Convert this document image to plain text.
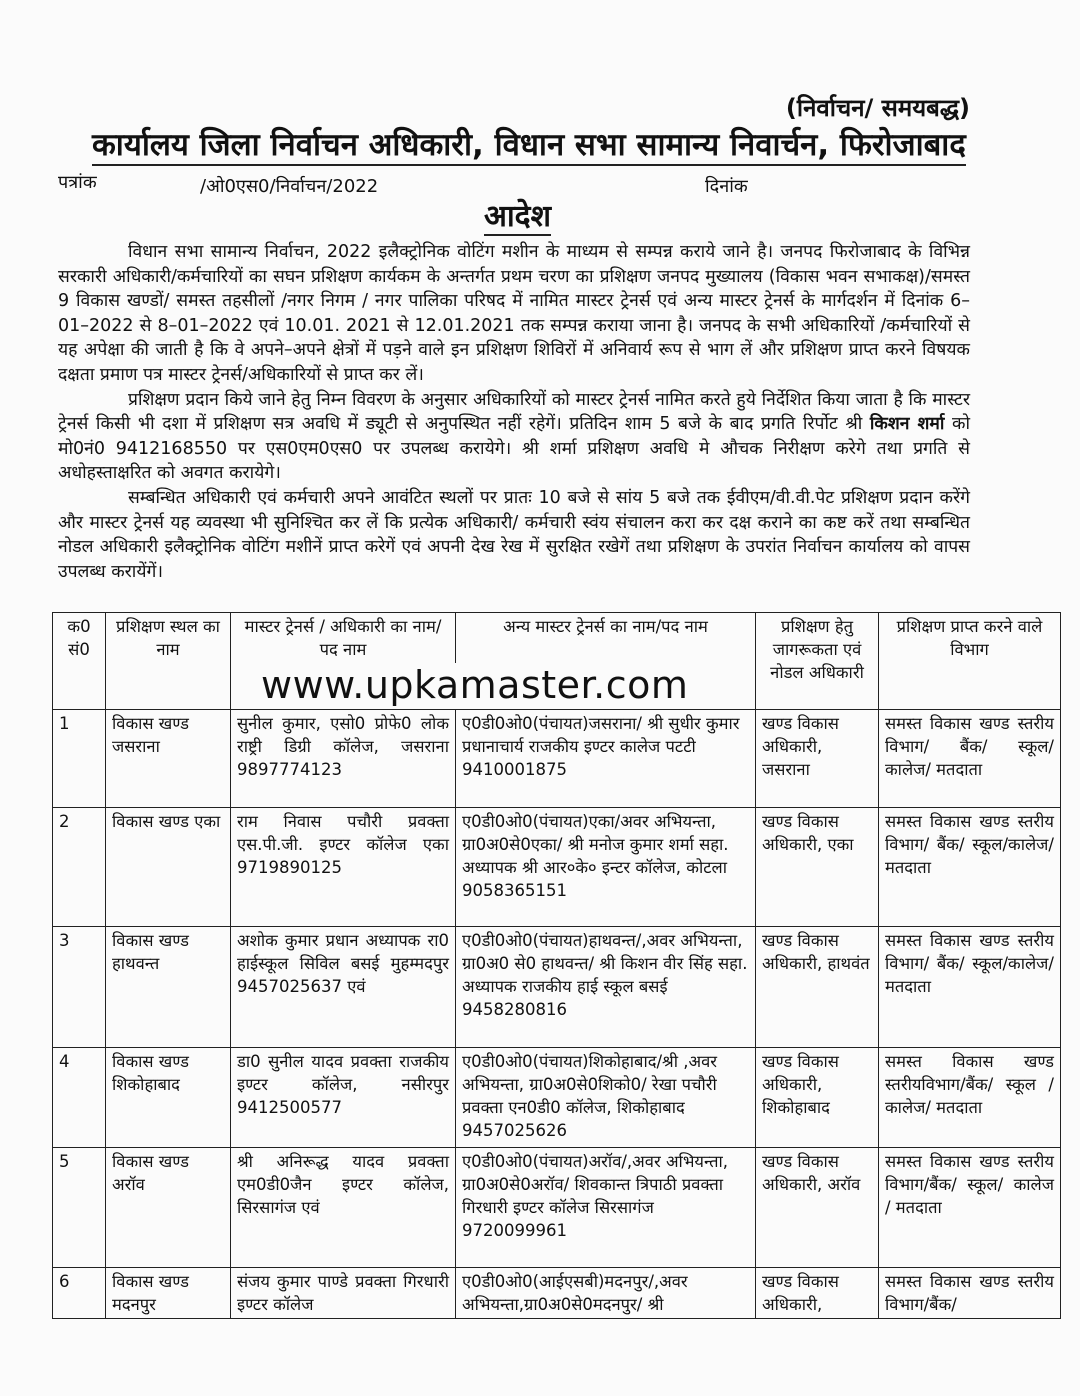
(निर्वाचन/ समयबद्ध)
कार्यालय जिला निर्वाचन अधिकारी, विधान सभा सामान्य निवार्चन, फिरोजाबाद
पत्रांक	/ओ0एस0/निर्वाचन/2022	दिनांक
आदेश

विधान सभा सामान्य निर्वाचन, 2022 इलैक्ट्रोनिक वोटिंग मशीन के माध्यम से सम्पन्न कराये जाने है। जनपद फिरोजाबाद के विभिन्न सरकारी अधिकारी/कर्मचारियों का सघन प्रशिक्षण कार्यकम के अन्तर्गत प्रथम चरण का प्रशिक्षण जनपद मुख्यालय (विकास भवन सभाकक्ष)/समस्त 9 विकास खण्डों/ समस्त तहसीलों /नगर निगम / नगर पालिका परिषद में नामित मास्टर ट्रेनर्स एवं अन्य मास्टर ट्रेनर्स के मार्गदर्शन में दिनांक 6–01–2022 से 8–01–2022 एवं 10.01. 2021 से 12.01.2021 तक सम्पन्न कराया जाना है। जनपद के सभी अधिकारियों /कर्मचारियों से यह अपेक्षा की जाती है कि वे अपने–अपने क्षेत्रों में पड़ने वाले इन प्रशिक्षण शिविरों में अनिवार्य रूप से भाग लें और प्रशिक्षण प्राप्त करने विषयक दक्षता प्रमाण पत्र मास्टर ट्रेनर्स/अधिकारियों से प्राप्त कर लें।

प्रशिक्षण प्रदान किये जाने हेतु निम्न विवरण के अनुसार अधिकारियों को मास्टर ट्रेनर्स नामित करते हुये निर्देशित किया जाता है कि मास्टर ट्रेनर्स किसी भी दशा में प्रशिक्षण सत्र अवधि में ड्यूटी से अनुपस्थित नहीं रहेगें। प्रतिदिन शाम 5 बजे के बाद प्रगति रिर्पोट श्री किशन शर्मा को मो0नं0 9412168550 पर एस0एम0एस0 पर उपलब्ध करायेगे। श्री शर्मा प्रशिक्षण अवधि मे औचक निरीक्षण करेगे तथा प्रगति से अधोहस्ताक्षरित को अवगत करायेगे।

सम्बन्धित अधिकारी एवं कर्मचारी अपने आवंटित स्थलों पर प्रातः 10 बजे से सांय 5 बजे तक ईवीएम/वी.वी.पेट प्रशिक्षण प्रदान करेंगे और मास्टर ट्रेनर्स यह व्यवस्था भी सुनिश्चित कर लें कि प्रत्येक अधिकारी/ कर्मचारी स्वंय संचालन करा कर दक्ष कराने का कष्ट करें तथा सम्बन्धित नोडल अधिकारी इलैक्ट्रोनिक वोटिंग मशीनें प्राप्त करेगें एवं अपनी देख रेख में सुरक्षित रखेगें तथा प्रशिक्षण के उपरांत निर्वाचन कार्यालय को वापस उपलब्ध करायेंगें।

क0 सं0	प्रशिक्षण स्थल का नाम	मास्टर ट्रेनर्स / अधिकारी का नाम/पद नाम	अन्य मास्टर ट्रेनर्स का नाम/पद नाम	प्रशिक्षण हेतु जागरूकता एवं नोडल अधिकारी	प्रशिक्षण प्राप्त करने वाले विभाग

		www.upkamaster.com			

1	विकास खण्ड जसराना	सुनील कुमार, एसो0 प्रोफे0 लोक राष्ट्री डिग्री कॉलेज, जसराना 9897774123	ए0डी0ओ0(पंचायत)जसराना/ श्री सुधीर कुमार प्रधानाचार्य राजकीय इण्टर कालेज पटटी 9410001875	खण्ड विकास अधिकारी, जसराना	समस्त विकास खण्ड स्तरीय विभाग/ बैंक/ स्कूल/ कालेज/ मतदाता
2	विकास खण्ड एका	राम निवास पचौरी प्रवक्ता एस.पी.जी. इण्टर कॉलेज एका 9719890125	ए0डी0ओ0(पंचायत)एका/अवर अभियन्ता, ग्रा0अ0से0एका/ श्री मनोज कुमार शर्मा सहा. अध्यापक श्री आर०के० इन्टर कॉलेज, कोटला 9058365151	खण्ड विकास अधिकारी, एका	समस्त विकास खण्ड स्तरीय विभाग/ बैंक/ स्कूल/कालेज/ मतदाता
3	विकास खण्ड हाथवन्त	अशोक कुमार प्रधान अध्यापक रा0 हाईस्कूल सिविल बसई मुहम्मदपुर 9457025637 एवं	ए0डी0ओ0(पंचायत)हाथवन्त/,अवर अभियन्ता, ग्रा0अ0 से0 हाथवन्त/ श्री किशन वीर सिंह सहा. अध्यापक राजकीय हाई स्कूल बसई 9458280816	खण्ड विकास अधिकारी, हाथवंत	समस्त विकास खण्ड स्तरीय विभाग/ बैंक/ स्कूल/कालेज/ मतदाता
4	विकास खण्ड शिकोहाबाद	डा0 सुनील यादव प्रवक्ता राजकीय इण्टर कॉलेज, नसीरपुर 9412500577	ए0डी0ओ0(पंचायत)शिकोहाबाद/श्री ,अवर अभियन्ता, ग्रा0अ0से0शिको0/ रेखा पचौरी प्रवक्ता एन0डी0 कॉलेज, शिकोहाबाद 9457025626	खण्ड विकास अधिकारी, शिकोहाबाद	समस्त विकास खण्ड स्तरीयविभाग/बैंक/ स्कूल / कालेज/ मतदाता
5	विकास खण्ड अरॉव	श्री अनिरूद्ध यादव प्रवक्ता एम0डी0जैन इण्टर कॉलेज, सिरसागंज एवं	ए0डी0ओ0(पंचायत)अरॉव/,अवर अभियन्ता, ग्रा0अ0से0अरॉव/ शिवकान्त त्रिपाठी प्रवक्ता गिरधारी इण्टर कॉलेज सिरसागंज 9720099961	खण्ड विकास अधिकारी, अरॉव	समस्त विकास खण्ड स्तरीय विभाग/बैंक/ स्कूल/ कालेज / मतदाता
6	विकास खण्ड मदनपुर	संजय कुमार पाण्डे प्रवक्ता गिरधारी इण्टर कॉलेज	ए0डी0ओ0(आईएसबी)मदनपुर/,अवर अभियन्ता,ग्रा0अ0से0मदनपुर/ श्री	खण्ड विकास अधिकारी,	समस्त विकास खण्ड स्तरीय विभाग/बैंक/
